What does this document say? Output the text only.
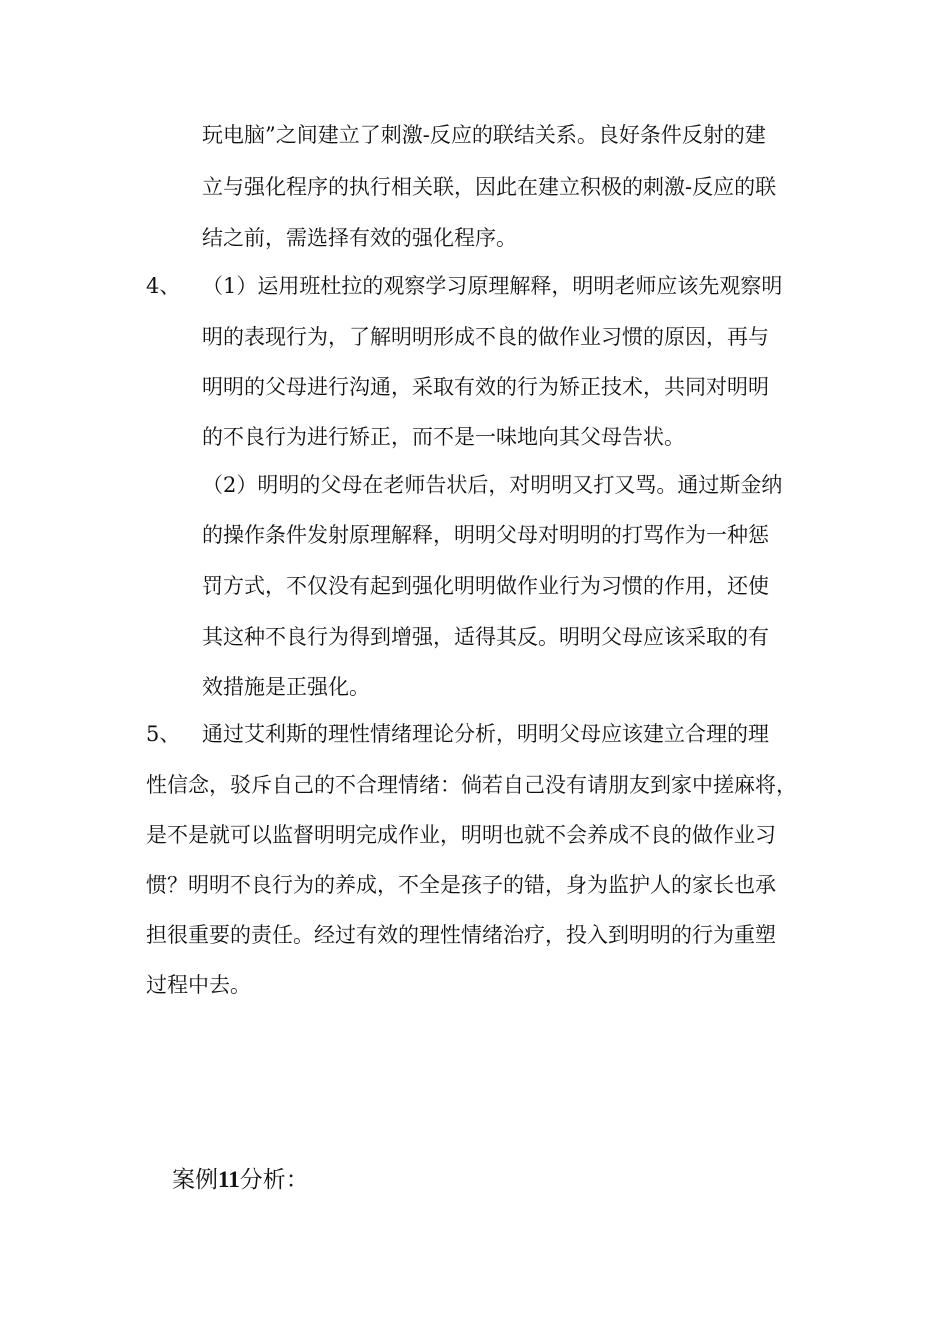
玩电脑”之间建立了刺激-反应的联结关系。良好条件反射的建
立与强化程序的执行相关联，因此在建立积极的刺激-反应的联
结之前，需选择有效的强化程序。
4、 （1）运用班杜拉的观察学习原理解释，明明老师应该先观察明
明的表现行为，了解明明形成不良的做作业习惯的原因，再与
明明的父母进行沟通，采取有效的行为矫正技术，共同对明明
的不良行为进行矫正，而不是一味地向其父母告状。
（2）明明的父母在老师告状后，对明明又打又骂。通过斯金纳
的操作条件发射原理解释，明明父母对明明的打骂作为一种惩
罚方式，不仅没有起到强化明明做作业行为习惯的作用，还使
其这种不良行为得到增强，适得其反。明明父母应该采取的有
效措施是正强化。
5、 通过艾利斯的理性情绪理论分析，明明父母应该建立合理的理
性信念，驳斥自己的不合理情绪：倘若自己没有请朋友到家中搓麻将，
是不是就可以监督明明完成作业，明明也就不会养成不良的做作业习
惯？明明不良行为的养成，不全是孩子的错，身为监护人的家长也承
担很重要的责任。经过有效的理性情绪治疗，投入到明明的行为重塑
过程中去。
案例11分析：
